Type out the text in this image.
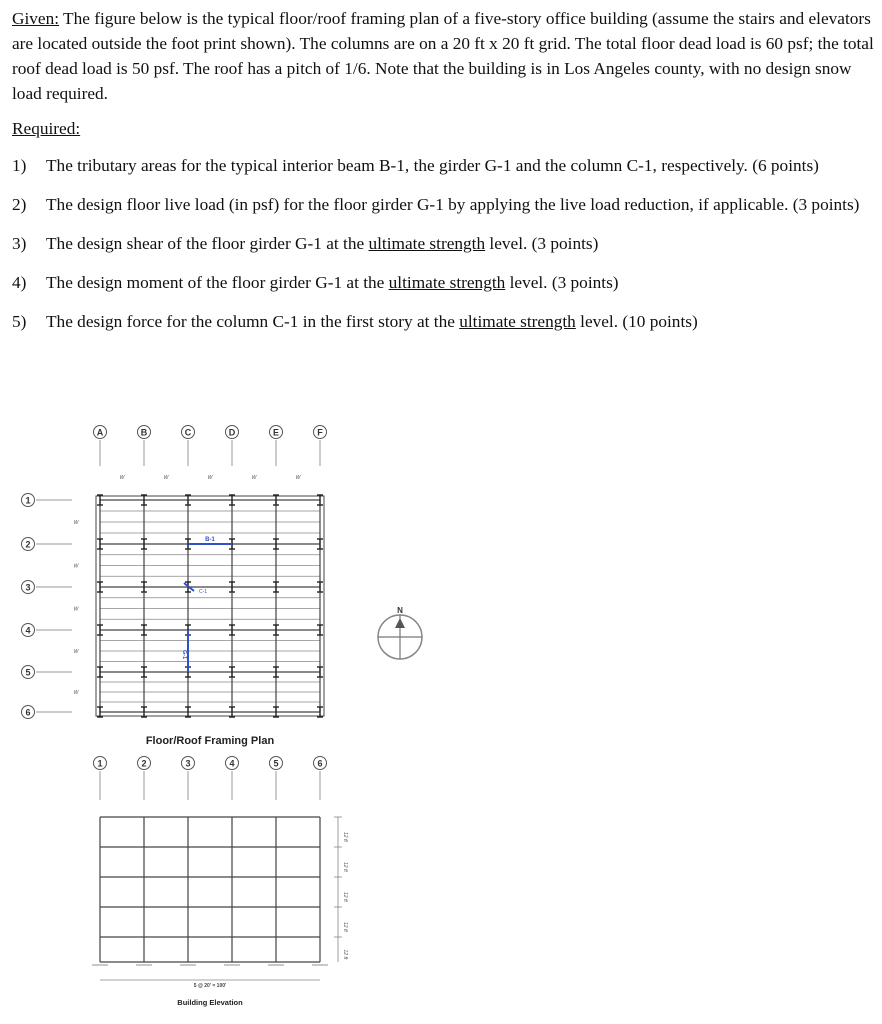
Given: The figure below is the typical floor/roof framing plan of a five-story office building (assume the stairs and elevators are located outside the foot print shown). The columns are on a 20 ft x 20 ft grid. The total floor dead load is 60 psf; the total roof dead load is 50 psf. The roof has a pitch of 1/6. Note that the building is in Los Angeles county, with no design snow load required.

Required:
1) The tributary areas for the typical interior beam B-1, the girder G-1 and the column C-1, respectively. (6 points)
2) The design floor live load (in psf) for the floor girder G-1 by applying the live load reduction, if applicable. (3 points)
3) The design shear of the floor girder G-1 at the ultimate strength level. (3 points)
4) The design moment of the floor girder G-1 at the ultimate strength level. (3 points)
5) The design force for the column C-1 in the first story at the ultimate strength level. (10 points)
A
W
B
W
C
W
D
W
E
W
F
1
W
2
W
3
W
4
W
5
W
6
B-1
G-1
C-1
Floor/Roof Framing Plan
N
1	2	3	4	5	6
12 ft
12 ft
12 ft
12 ft
12 ft
5 @ 20' = 100'
Building Elevation
